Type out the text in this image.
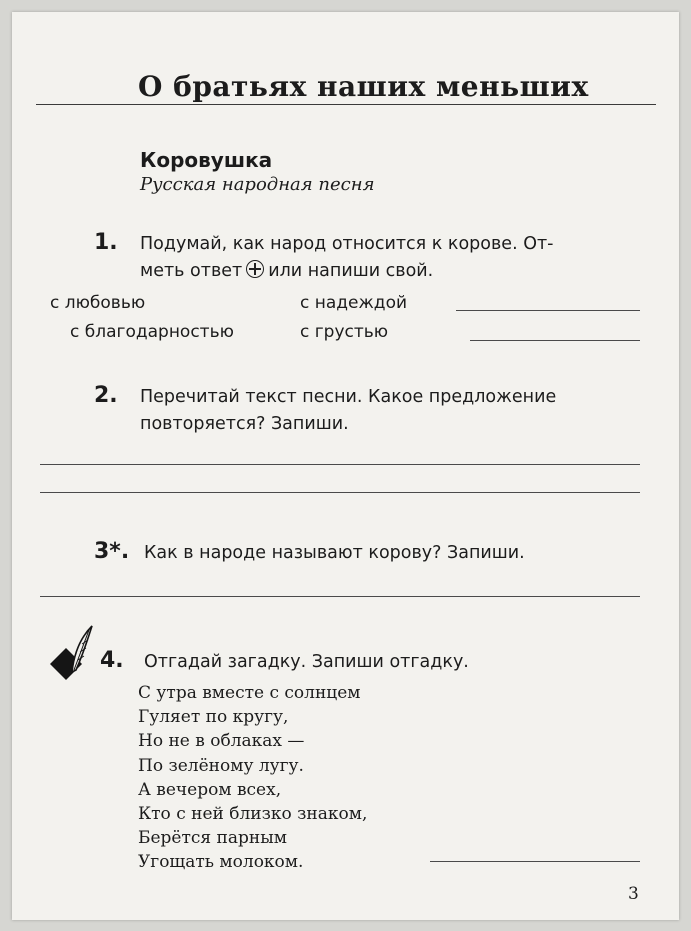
О братьях наших меньших
Коровушка
Русская народная песня
1. Подумай, как народ относится к корове. От-
меть ответ или напиши свой.
с любовью	с надеждой
с благодарностью	с грустью
2. Перечитай текст песни. Какое предложение
повторяется? Запиши.
3*. Как в народе называют корову? Запиши.
4. Отгадай загадку. Запиши отгадку.
С утра вместе с солнцем
Гуляет по кругу,
Но не в облаках —
По зелёному лугу.
А вечером всех,
Кто с ней близко знаком,
Берётся парным
Угощать молоком.
3
